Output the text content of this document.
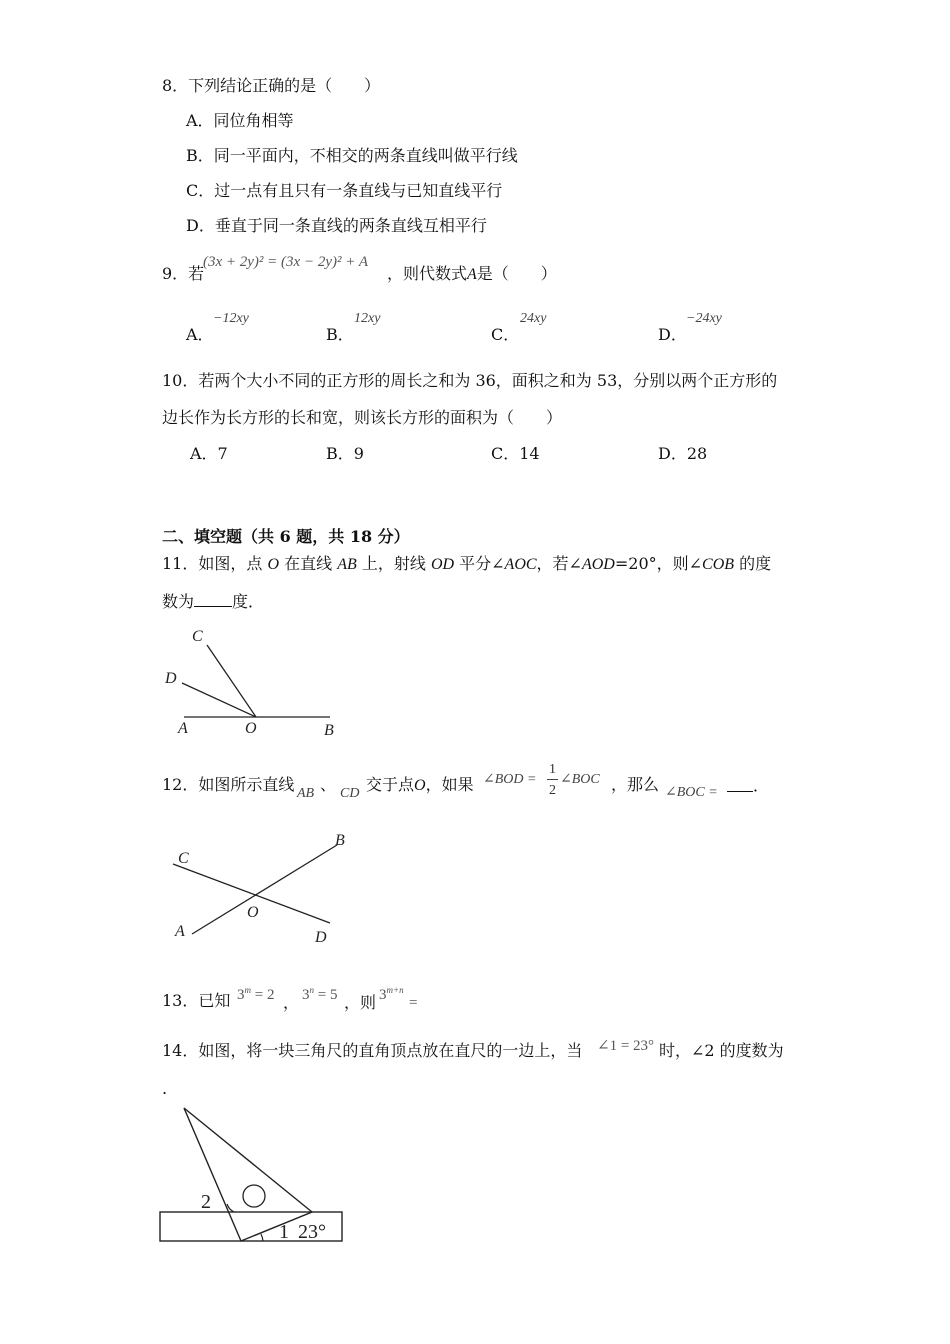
8．下列结论正确的是（　　）
A．同位角相等
B．同一平面内，不相交的两条直线叫做平行线
C．过一点有且只有一条直线与已知直线平行
D．垂直于同一条直线的两条直线互相平行
9．若
(3x + 2y)² = (3x − 2y)² + A
，则代数式A是（　　）
A．
−12xy
B．
12xy
C．
24xy
D．
−24xy
10．若两个大小不同的正方形的周长之和为 36，面积之和为 53，分别以两个正方形的
边长作为长方形的长和宽，则该长方形的面积为（　　）
A．7	B．9	C．14	D．28
二、填空题（共 6 题，共 18 分）
11．如图，点 O 在直线 AB 上，射线 OD 平分∠AOC，若∠AOD=20°，则∠COB 的度
数为 度．
C
D
A	O	B
12．如图所示直线 AB 、 CD 交于点O，如果 ∠BOD =
1
2
∠BOC ，那么 ∠BOC = ．
C
B
O
A	D
13．已知 $3^m = 2$ ， $3^n = 5$ ，则 $3^{m+n}$
=
14．如图，将一块三角尺的直角顶点放在直尺的一边上，当 ∠1 = 23° 时，∠2 的度数为
.
2
1 23°
